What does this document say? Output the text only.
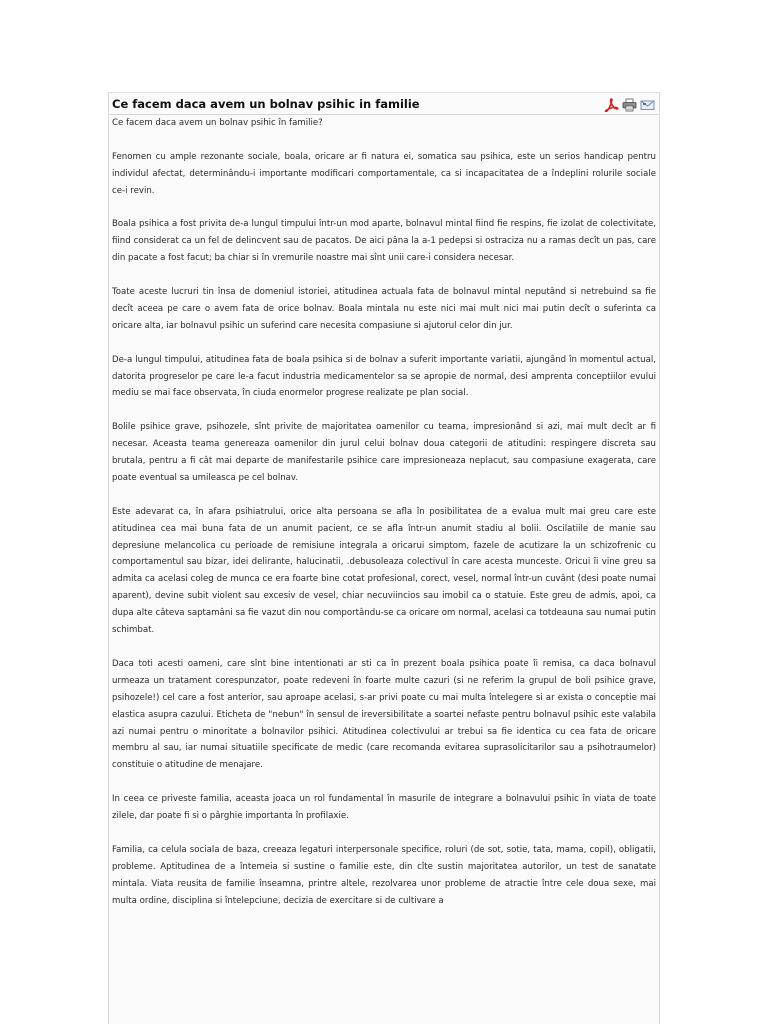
Ce facem daca avem un bolnav psihic in familie

Ce facem daca avem un bolnav psihic în familie?

Fenomen cu ample rezonante sociale, boala, oricare ar fi natura ei, somatica sau psihica, este un serios handicap pentru individul afectat, determinându-i importante modificari comportamentale, ca si incapacitatea de a îndeplini rolurile sociale ce-i revin.

Boala psihica a fost privita de-a lungul timpului într-un mod aparte, bolnavul mintal fiind fie respins, fie izolat de colectivitate, fiind considerat ca un fel de delincvent sau de pacatos. De aici pâna la a-1 pedepsi si ostraciza nu a ramas decît un pas, care din pacate a fost facut; ba chiar si în vremurile noastre mai sînt unii care-i considera necesar.

Toate aceste lucruri tin însa de domeniul istoriei, atitudinea actuala fata de bolnavul mintal neputând si netrebuind sa fie decît aceea pe care o avem fata de orice bolnav. Boala mintala nu este nici mai mult nici mai putin decît o suferinta ca oricare alta, iar bolnavul psihic un suferind care necesita compasiune si ajutorul celor din jur.

De-a lungul timpului, atitudinea fata de boala psihica si de bolnav a suferit importante variatii, ajungând în momentul actual, datorita progreselor pe care le-a facut industria medicamentelor sa se apropie de normal, desi amprenta conceptiilor evului mediu se mai face observata, în ciuda enormelor progrese realizate pe plan social.

Bolile psihice grave, psihozele, sînt privite de majoritatea oamenilor cu teama, impresionând si azi, mai mult decît ar fi necesar. Aceasta teama genereaza oamenilor din jurul celui bolnav doua categorii de atitudini: respingere discreta sau brutala, pentru a fi cât mai departe de manifestarile psihice care impresioneaza neplacut, sau compasiune exagerata, care poate eventual sa umileasca pe cel bolnav.

Este adevarat ca, în afara psihiatrului, orice alta persoana se afla în posibilitatea de a evalua mult mai greu care este atitudinea cea mai buna fata de un anumit pacient, ce se afla într-un anumit stadiu al bolii. Oscilatiile de manie sau depresiune melancolica cu perioade de remisiune integrala a oricarui simptom, fazele de acutizare la un schizofrenic cu comportamentul sau bizar, idei delirante, halucinatii, .debusoleaza colectivul în care acesta munceste. Oricui îi vine greu sa admita ca acelasi coleg de munca ce era foarte bine cotat profesional, corect, vesel, normal într-un cuvânt (desi poate numai aparent), devine subit violent sau excesiv de vesel, chiar necuviincios sau imobil ca o statuie. Este greu de admis, apoi, ca dupa alte câteva saptamâni sa fie vazut din nou comportându-se ca oricare om normal, acelasi ca totdeauna sau numai putin schimbat.

Daca toti acesti oameni, care sînt bine intentionati ar sti ca în prezent boala psihica poate îi remisa, ca daca bolnavul urmeaza un tratament corespunzator, poate redeveni în foarte multe cazuri (si ne referim la grupul de boli psihice grave, psihozele!) cel care a fost anterior, sau aproape acelasi, s-ar privi poate cu mai multa întelegere si ar exista o conceptie mai elastica asupra cazului. Eticheta de "nebun" în sensul de ireversibilitate a soartei nefaste pentru bolnavul psihic este valabila azi numai pentru o minoritate a bolnavilor psihici. Atitudinea colectivului ar trebui sa fie identica cu cea fata de oricare membru al sau, iar numai situatiile specificate de medic (care recomanda evitarea suprasolicitarilor sau a psihotraumelor) constituie o atitudine de menajare.

In ceea ce priveste familia, aceasta joaca un rol fundamental în masurile de integrare a bolnavului psihic în viata de toate zilele, dar poate fi si o pârghie importanta în profilaxie.

Familia, ca celula sociala de baza, creeaza legaturi interpersonale specifice, roluri (de sot, sotie, tata, mama, copil), obligatii, probleme. Aptitudinea de a întemeia si sustine o familie este, din cîte sustin majoritatea autorilor, un test de sanatate mintala. Viata reusita de familie înseamna, printre altele, rezolvarea unor probleme de atractie între cele doua sexe, mai multa ordine, disciplina si întelepciune, decizia de exercitare si de cultivare a
